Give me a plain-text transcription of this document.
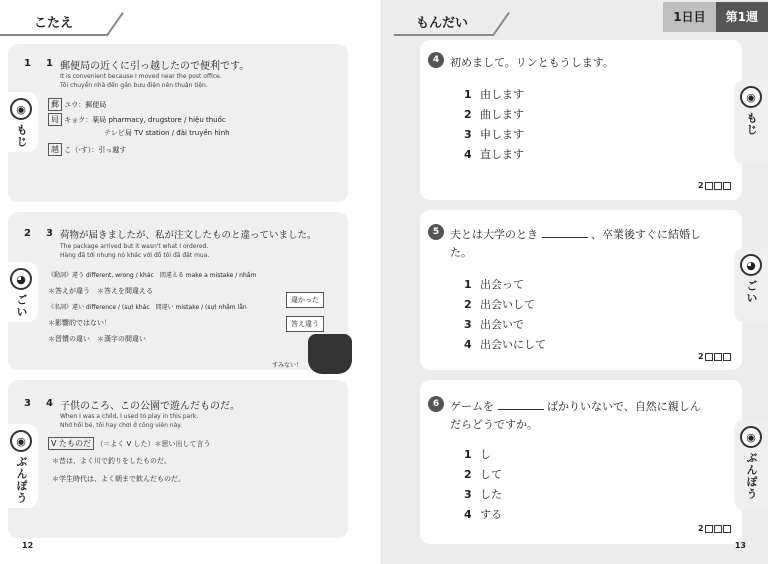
こたえ
◉
もじ
1 1 郵便局の近くに引っ越したので便利です。
It is convenient because I moved near the post office.
Tôi chuyển nhà đến gần bưu điện nên thuận tiện.
郵 ユウ：郵便局
局 キョク：薬局 pharmacy, drugstore / hiệu thuốc
テレビ局 TV station / đài truyền hình
越 こ（-す）：引っ越す
◕
ごい
2 3 荷物が届きましたが、私が注文したものと違っていました。
The package arrived but it wasn't what I ordered.
Hàng đã tới nhưng nó khác với đồ tôi đã đặt mua.
《動詞》違う different, wrong / khác　間違える make a mistake / nhầm
＊答えが違う　＊答えを間違える
《名詞》違い difference / (sự) khác　間違い mistake / (sự) nhầm lẫn
＊影響的ではない！
＊習慣の違い　＊漢字の間違い
違かった
答え違う
すみない！
◉
ぶんぽう
3 4 子供のころ、この公園で遊んだものだ。
When I was a child, I used to play in this park.
Nhớ hồi bé, tôi hay chơi ở công viên này.
V たものだ （＝よく V した）＊思い出して言う
＊昔は、よく川で釣りをしたものだ。
＊学生時代は、よく朝まで飲んだものだ。
12
もんだい	1日目	第1週
◉
もじ
4 初めまして。リンともうします。
1 由します
2 曲します
3 申します
4 直します
2
◕
ごい
5 夫とは大学のとき	、卒業後すぐに結婚し
た。
1 出会って
2 出会いして
3 出会いで
4 出会いにして
2
◉
ぶんぽう
6 ゲームを	ばかりいないで、自然に親しん
だらどうですか。
1 し
2 して
3 した
4 する
2
13
